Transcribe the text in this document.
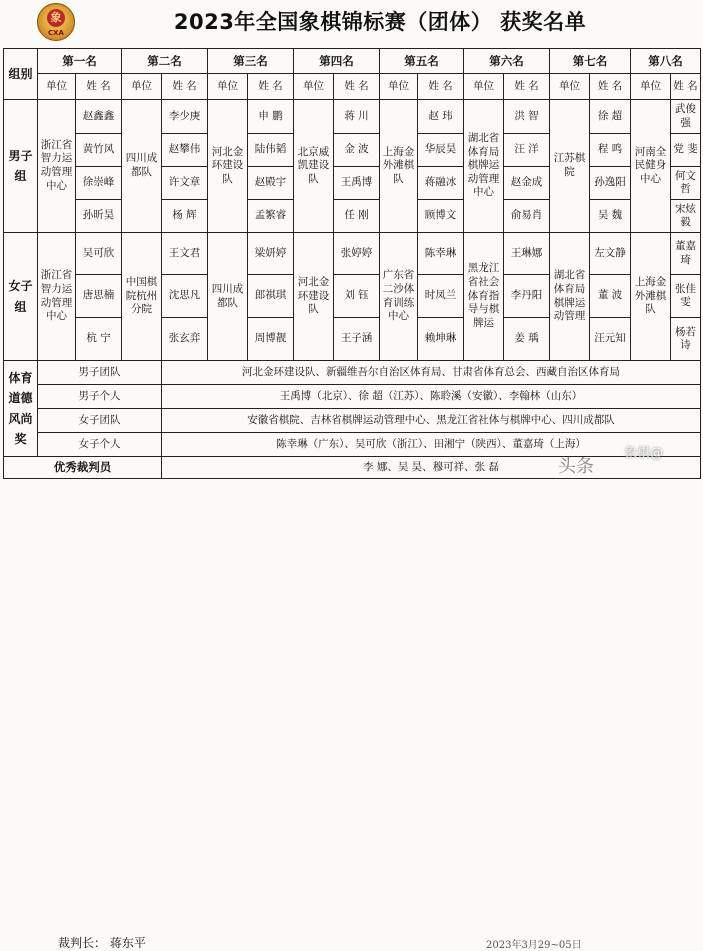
象
CXA	2023年全国象棋锦标赛（团体） 获奖名单
组别	第一名		第二名		第三名		第四名		第五名		第六名		第七名		第八名	
	单位	姓 名	单位	姓 名	单位	姓 名	单位	姓 名	单位	姓 名	单位	姓 名	单位	姓 名	单位	姓 名
男子组	浙江省智力运动管理中心	赵鑫鑫	四川成都队	李少庚	河北金环建设队	申 鹏	北京威凯建设队	蒋 川	上海金外滩棋队	赵 玮	湖北省体育局棋牌运动管理中心	洪 智	江苏棋院	徐 超	河南全民健身中心	武俊强
		黄竹风		赵攀伟		陆伟韬		金 波		华辰昊		汪 洋		程 鸣		党 斐
		徐崇峰		许文章		赵殿宇		王禹博		蒋融冰		赵金成		孙逸阳		何文哲
		孙昕昊		杨 辉		孟繁睿		任 刚		顾博文		俞易肖		吴 魏		宋炫毅
女子组	浙江省智力运动管理中心	吴可欣	中国棋院杭州分院	王文君	四川成都队	梁妍婷	河北金环建设队	张婷婷	广东省二沙体育训练中心	陈幸琳	黑龙江省社会体育指导与棋牌运	王琳娜	湖北省体育局棋牌运动管理	左文静	上海金外滩棋队	董嘉琦
		唐思楠		沈思凡		郎祺琪		刘 钰		时凤兰		李丹阳		董 波		张佳雯
		杭 宁		张玄弈		周博靓		王子涵		赖坤琳		姜 瑀		汪元知		杨若诗
体育道德风尚奖	男子团队			河北金环建设队、新疆维吾尔自治区体育局、甘肃省体育总会、西藏自治区体育局												
	男子个人			王禹博（北京）、徐 超（江苏）、陈聆溪（安徽）、李翰林（山东）												
	女子团队			安徽省棋院、吉林省棋牌运动管理中心、黑龙江省社体与棋牌中心、四川成都队												
	女子个人			陈幸琳（广东）、吴可欣（浙江）、田湘宁（陕西）、董嘉琦（上海）												
优秀裁判员				李 娜、吴 昊、穆可祥、张 磊												
裁判长： 蒋东平	2023年3月29~05日
头条
象棋@
